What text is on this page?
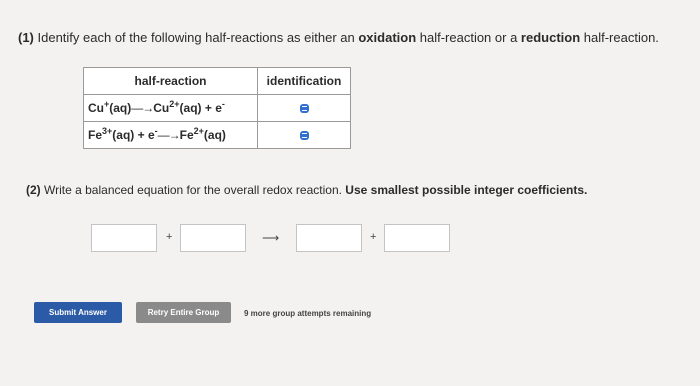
(1) Identify each of the following half-reactions as either an oxidation half-reaction or a reduction half-reaction.
half-reaction	identification
$Cu^+(aq)—\to Cu^{2+}(aq) + e^-$	

$Fe^{3+}(aq)$ + $e^-—\to Fe^{2+}(aq)$	
(2) Write a balanced equation for the overall redox reaction. Use smallest possible integer coefficients.
+	⟶	+
Submit Answer	Retry Entire Group	9 more group attempts remaining
